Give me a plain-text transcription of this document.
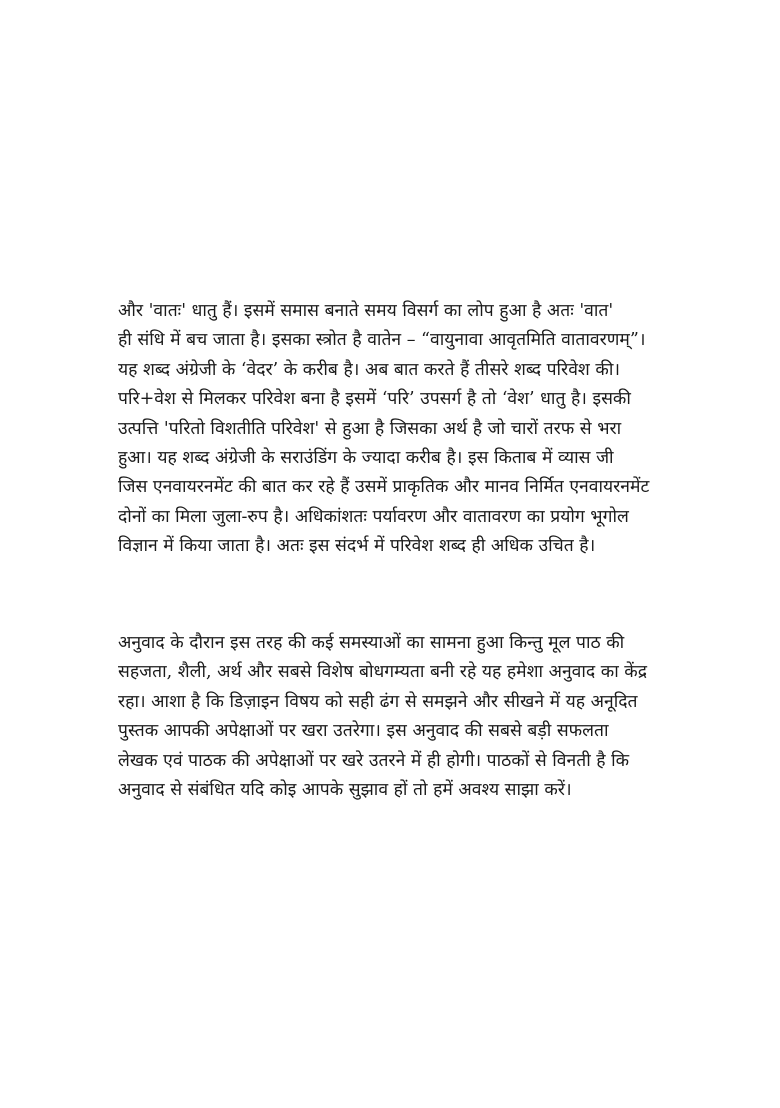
और 'वातः' धातु हैं। इसमें समास बनाते समय विसर्ग का लोप हुआ है अतः 'वात'
ही संधि में बच जाता है। इसका स्त्रोत है वातेन – “वायुनावा आवृतमिति वातावरणम्”।
यह शब्द अंग्रेजी के ‘वेदर’ के करीब है। अब बात करते हैं तीसरे शब्द परिवेश की।
परि+वेश से मिलकर परिवेश बना है इसमें ‘परि’ उपसर्ग है तो ‘वेश’ धातु है। इसकी
उत्पत्ति 'परितो विशतीति परिवेश' से हुआ है जिसका अर्थ है जो चारों तरफ से भरा
हुआ। यह शब्द अंग्रेजी के सराउंडिंग के ज्यादा करीब है। इस किताब में व्यास जी
जिस एनवायरनमेंट की बात कर रहे हैं उसमें प्राकृतिक और मानव निर्मित एनवायरनमेंट
दोनों का मिला जुला-रुप है। अधिकांशतः पर्यावरण और वातावरण का प्रयोग भूगोल
विज्ञान में किया जाता है। अतः इस संदर्भ में परिवेश शब्द ही अधिक उचित है।
अनुवाद के दौरान इस तरह की कई समस्याओं का सामना हुआ किन्तु मूल पाठ की
सहजता, शैली, अर्थ और सबसे विशेष बोधगम्यता बनी रहे यह हमेशा अनुवाद का केंद्र
रहा। आशा है कि डिज़ाइन विषय को सही ढंग से समझने और सीखने में यह अनूदित
पुस्तक आपकी अपेक्षाओं पर खरा उतरेगा। इस अनुवाद की सबसे बड़ी सफलता
लेखक एवं पाठक की अपेक्षाओं पर खरे उतरने में ही होगी। पाठकों से विनती है कि
अनुवाद से संबंधित यदि कोइ आपके सुझाव हों तो हमें अवश्य साझा करें।
